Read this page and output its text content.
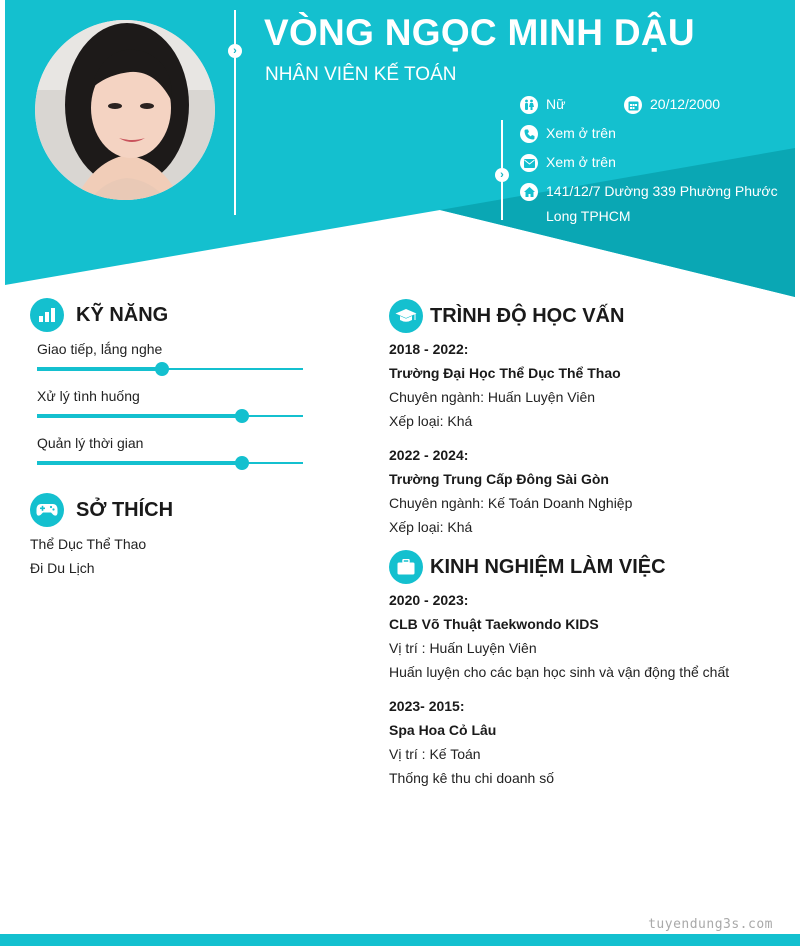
› VÒNG NGỌC MINH DẬU
NHÂN VIÊN KẾ TOÁN
›
Nữ	20/12/2000
Xem ở trên
Xem ở trên
141/12/7 Dường 339 Phường Phước
Long TPHCM
KỸ NĂNG
Giao tiếp, lắng nghe
Xử lý tình huống
Quản lý thời gian
SỞ THÍCH
Thể Dục Thể Thao
Đi Du Lịch
TRÌNH ĐỘ HỌC VẤN
2018 - 2022:
Trường Đại Học Thể Dục Thể Thao
Chuyên ngành: Huấn Luyện Viên
Xếp loại: Khá
2022 - 2024:
Trường Trung Cấp Đông Sài Gòn
Chuyên ngành: Kế Toán Doanh Nghiệp
Xếp loại: Khá
KINH NGHIỆM LÀM VIỆC
2020 - 2023:
CLB Võ Thuật Taekwondo KIDS
Vị trí : Huấn Luyện Viên
Huấn luyện cho các bạn học sinh và vận động thể chất
2023- 2015:
Spa Hoa Cỏ Lâu
Vị trí : Kế Toán
Thống kê thu chi doanh số
tuyendung3s.com
